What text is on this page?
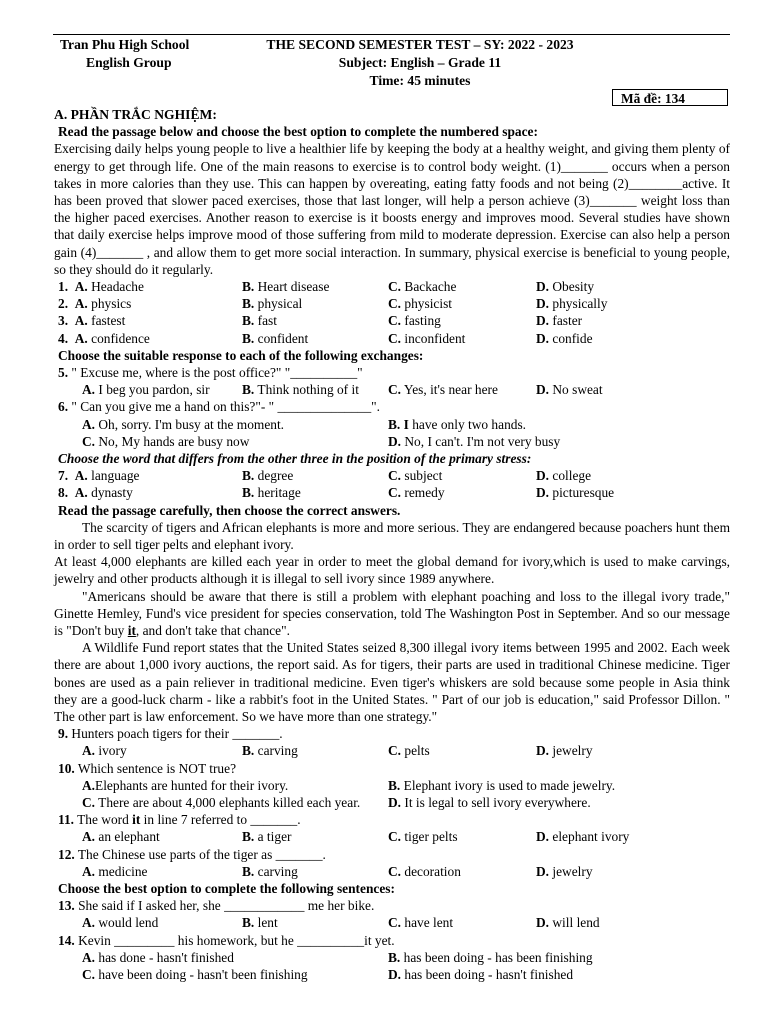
Tran Phu High School
English Group
THE SECOND SEMESTER TEST – SY: 2022 - 2023
Subject: English – Grade 11
Time: 45 minutes
Mã đề: 134
A. PHẦN TRẮC NGHIỆM:
Read the passage below and choose the best option to complete the numbered space:
Exercising daily helps young people to live a healthier life by keeping the body at a healthy weight, and giving them plenty of energy to get through life. One of the main reasons to exercise is to control body weight. (1)_______ occurs when a person takes in more calories than they use. This can happen by overeating, eating fatty foods and not being (2)________active. It has been proved that slower paced exercises, those that last longer, will help a person achieve (3)_______ weight loss than the higher paced exercises. Another reason to exercise is it boosts energy and improves mood. Several studies have shown that daily exercise helps improve mood of those suffering from mild to moderate depression. Exercise can also help a person gain (4)_______ , and allow them to get more social interaction. In summary, physical exercise is beneficial to young people, so they should do it regularly.
1. A. Headache	B. Heart disease	C. Backache	D. Obesity
2. A. physics	B. physical	C. physicist	D. physically
3. A. fastest	B. fast	C. fasting	D. faster
4. A. confidence	B. confident	C. inconfident	D. confide
Choose the suitable response to each of the following exchanges:
5. " Excuse me, where is the post office?" "__________"
A. I beg you pardon, sir B. Think nothing of it C. Yes, it's near here	D. No sweat
6. " Can you give me a hand on this?"- " ______________".
A. Oh, sorry. I'm busy at the moment.	B. I have only two hands.
C. No, My hands are busy now	D. No, I can't. I'm not very busy
Choose the word that differs from the other three in the position of the primary stress:
7. A. language	B. degree	C. subject	D. college
8. A. dynasty	B. heritage	C. remedy	D. picturesque
Read the passage carefully, then choose the correct answers.
The scarcity of tigers and African elephants is more and more serious. They are endangered because poachers hunt them in order to sell tiger pelts and elephant ivory.
At least 4,000 elephants are killed each year in order to meet the global demand for ivory,which is used to make carvings, jewelry and other products although it is illegal to sell ivory since 1989 anywhere.
"Americans should be aware that there is still a problem with elephant poaching and loss to the illegal ivory trade," Ginette Hemley, Fund's vice president for species conservation, told The Washington Post in September. And so our message is "Don't buy it, and don't take that chance".
A Wildlife Fund report states that the United States seized 8,300 illegal ivory items between 1995 and 2002. Each week there are about 1,000 ivory auctions, the report said. As for tigers, their parts are used in traditional Chinese medicine. Tiger bones are used as a pain reliever in traditional medicine. Even tiger's whiskers are sold because some people in Asia think they are a good-luck charm - like a rabbit's foot in the United States. " Part of our job is education," said Professor Dillon. " The other part is law enforcement. So we have more than one strategy."
9. Hunters poach tigers for their _______.
A. ivory	B. carving	C. pelts	D. jewelry
10. Which sentence is NOT true?
A.Elephants are hunted for their ivory.	B. Elephant ivory is used to made jewelry.
C. There are about 4,000 elephants killed each year. D. It is legal to sell ivory everywhere.
11. The word it in line 7 referred to _______.
A. an elephant	B. a tiger	C. tiger pelts	D. elephant ivory
12. The Chinese use parts of the tiger as _______.
A. medicine	B. carving	C. decoration	D. jewelry
Choose the best option to complete the following sentences:
13. She said if I asked her, she ____________ me her bike.
A. would lend	B. lent	C. have lent	D. will lend
14. Kevin _________ his homework, but he __________it yet.
A. has done - hasn't finished	B. has been doing - has been finishing
C. have been doing - hasn't been finishing	D. has been doing - hasn't finished
